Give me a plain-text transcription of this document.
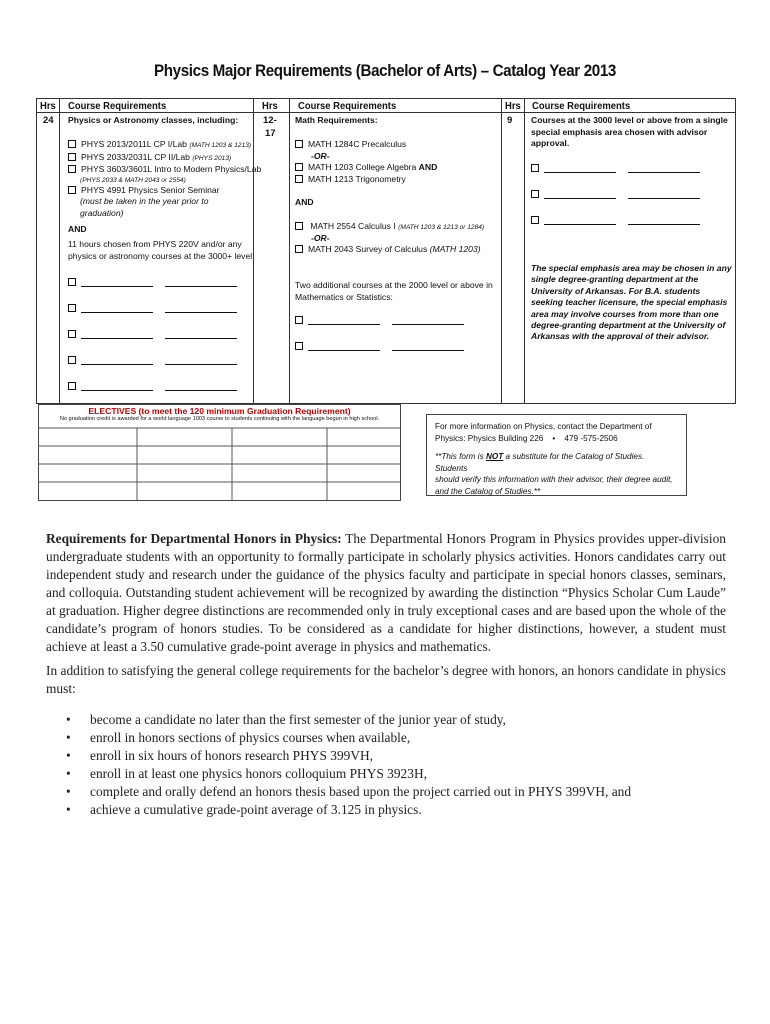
Physics Major Requirements (Bachelor of Arts) – Catalog Year 2013
Hrs Course Requirements	Hrs Course Requirements	Hrs Course Requirements
24 Physics or Astronomy classes, including:
PHYS 2013/2011L CP I/Lab (MATH 1203 & 1213)
PHYS 2033/2031L CP II/Lab (PHYS 2013)
PHYS 3603/3601L Intro to Modern Physics/Lab
(PHYS 2033 & MATH 2043 or 2554)
PHYS 4991 Physics Senior Seminar
(must be taken in the year prior to
graduation)
AND
11 hours chosen from PHYS 220V and/or any
physics or astronomy courses at the 3000+ level
12-
17
Math Requirements:
MATH 1284C Precalculus
-OR-
MATH 1203 College Algebra AND
MATH 1213 Trigonometry
AND
MATH 2554 Calculus I (MATH 1203 & 1213 or 1284)
-OR-
MATH 2043 Survey of Calculus (MATH 1203)
Two additional courses at the 2000 level or above in
Mathematics or Statistics:
9 Courses at the 3000 level or above from a single
special emphasis area chosen with advisor
approval.
The special emphasis area may be chosen in any
single degree-granting department at the
University of Arkansas. For B.A. students
seeking teacher licensure, the special emphasis
area may involve courses from more than one
degree-granting department at the University of
Arkansas with the approval of their advisor.
ELECTIVES (to meet the 120 minimum Graduation Requirement)
No graduation credit is awarded for a world language 1003 course to students continuing with the language begun in high school.
For more information on Physics, contact the Department of
Physics: Physics Building 226 • 479 -575-2506
**This form is NOT a substitute for the Catalog of Studies. Students
should verify this information with their advisor, their degree audit,
and the Catalog of Studies.**
Requirements for Departmental Honors in Physics: The Departmental Honors Program in Physics provides upper-division undergraduate students with an opportunity to formally participate in scholarly physics activities. Honors candidates carry out independent study and research under the guidance of the physics faculty and participate in special honors classes, seminars, and colloquia. Outstanding student achievement will be recognized by awarding the distinction “Physics Scholar Cum Laude” at graduation. Higher degree distinctions are recommended only in truly exceptional cases and are based upon the whole of the candidate’s program of honors studies. To be considered as a candidate for higher distinctions, however, a student must achieve at least a 3.50 cumulative grade-point average in physics and mathematics.
In addition to satisfying the general college requirements for the bachelor’s degree with honors, an honors candidate in physics must:
• become a candidate no later than the first semester of the junior year of study,
• enroll in honors sections of physics courses when available,
• enroll in six hours of honors research PHYS 399VH,
• enroll in at least one physics honors colloquium PHYS 3923H,
• complete and orally defend an honors thesis based upon the project carried out in PHYS 399VH, and
• achieve a cumulative grade-point average of 3.125 in physics.
